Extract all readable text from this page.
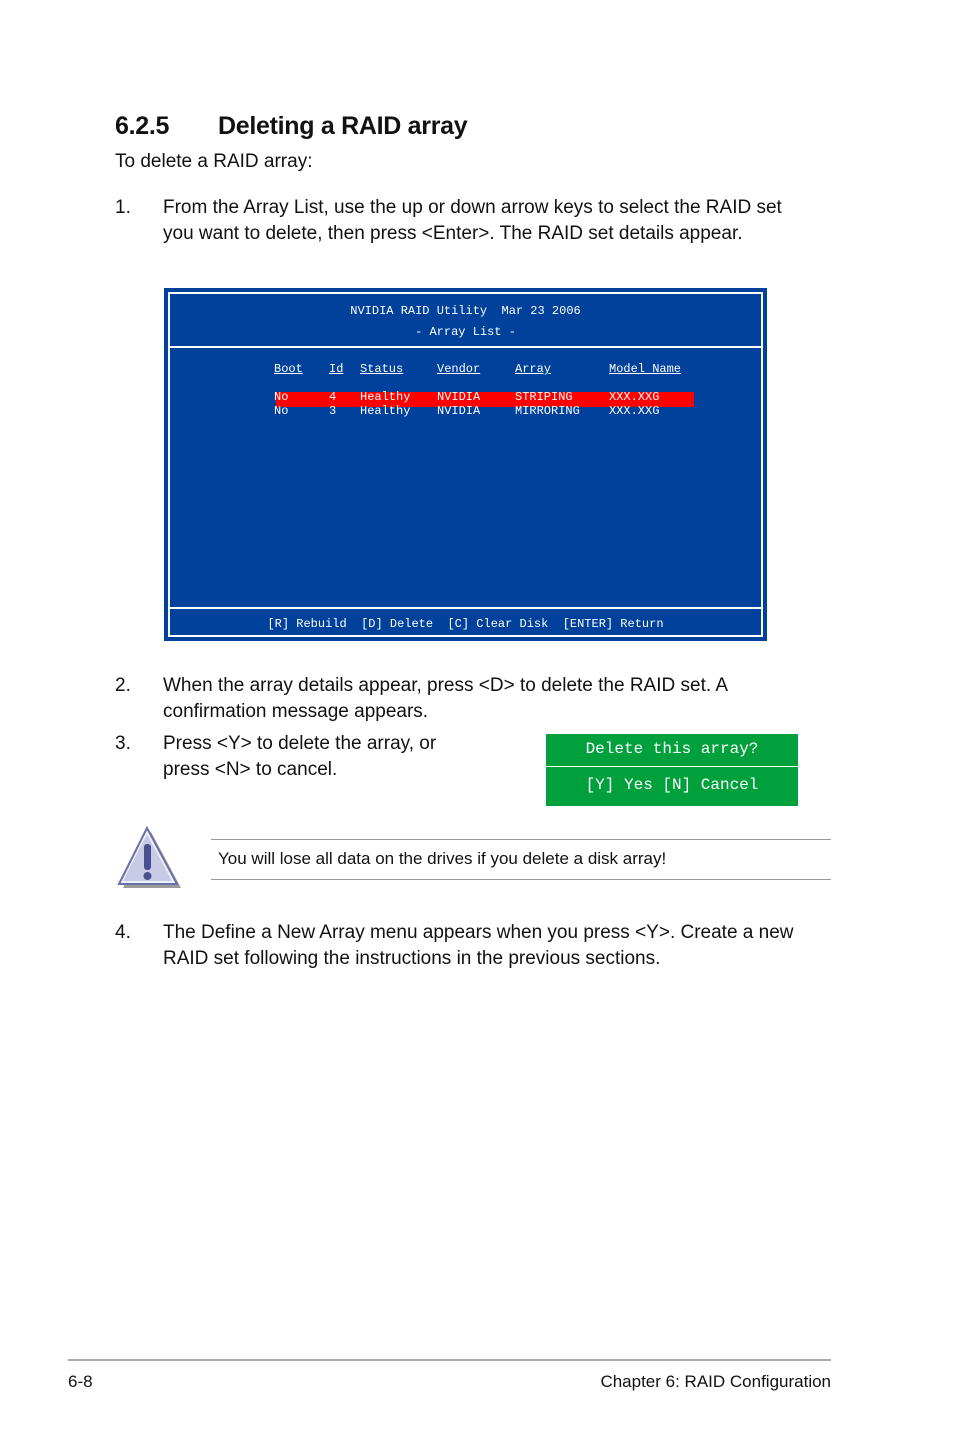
6.2.5 Deleting a RAID array
To delete a RAID array:
1. From the Array List, use the up or down arrow keys to select the RAID set
you want to delete, then press <Enter>. The RAID set details appear.
NVIDIA RAID Utility  Mar 23 2006
- Array List -
Boot Id Status	Vendor	Array	Model Name
No	4 Healthy NVIDIA	STRIPING	XXX.XXG
No	3 Healthy NVIDIA	MIRRORING XXX.XXG
[R] Rebuild  [D] Delete  [C] Clear Disk  [ENTER] Return
2. When the array details appear, press <D> to delete the RAID set. A
confirmation message appears.
3. Press <Y> to delete the array, or
press <N> to cancel.
Delete this array?
[Y] Yes [N] Cancel
You will lose all data on the drives if you delete a disk array!
4. The Define a New Array menu appears when you press <Y>. Create a new
RAID set following the instructions in the previous sections.
6-8	Chapter 6: RAID Configuration
